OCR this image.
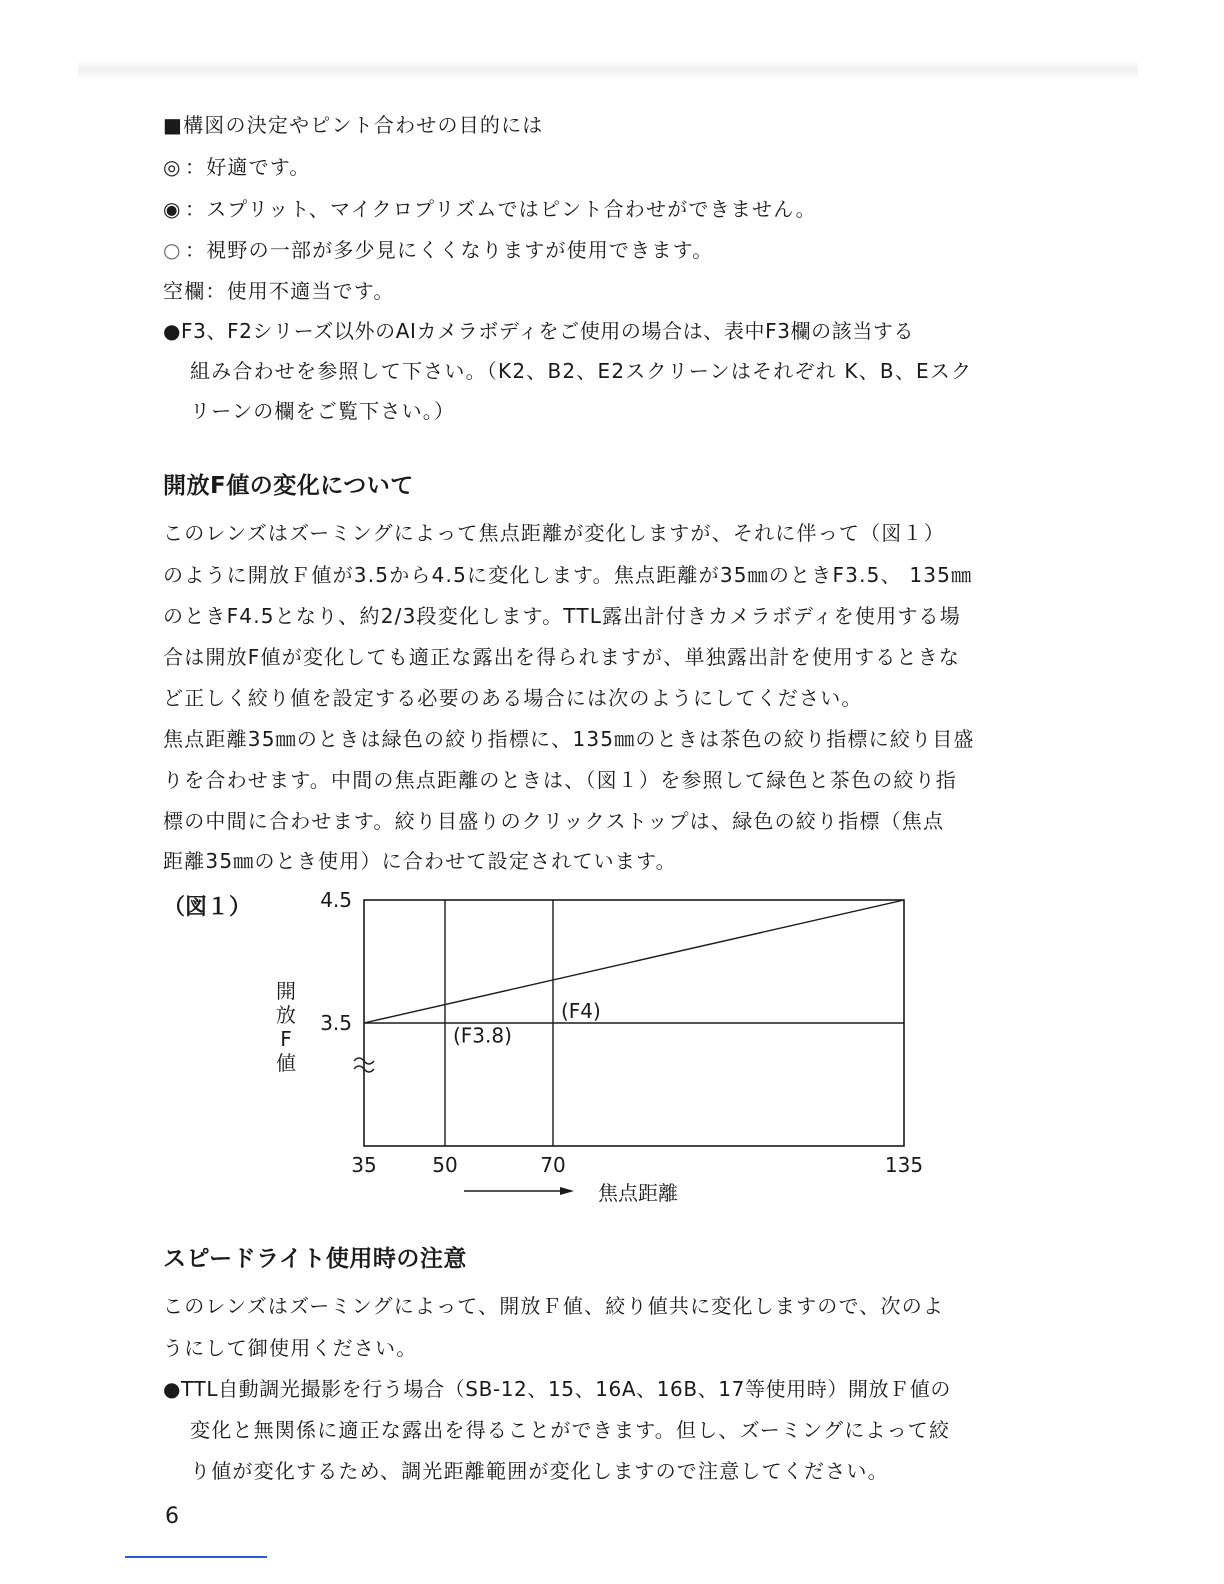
■構図の決定やピント合わせの目的には
◎ ：好適です。
◉ ：スプリット、マイクロプリズムではピント合わせができません。
○ ：視野の一部が多少見にくくなりますが使用できます。
空欄：使用不適当です。
●F3、F2シリーズ以外のAIカメラボディをご使用の場合は、表中F3欄の該当する
組み合わせを参照して下さい。（K2、B2、E2スクリーンはそれぞれ K、B、Eスク
リーンの欄をご覧下さい。）
開放F値の変化について
このレンズはズーミングによって焦点距離が変化しますが、それに伴って（図１）
のように開放Ｆ値が3.5から4.5に変化します。焦点距離が35㎜のときF3.5、 135㎜
のときF4.5となり、約2/3段変化します。TTL露出計付きカメラボディを使用する場
合は開放F値が変化しても適正な露出を得られますが、単独露出計を使用するときな
ど正しく絞り値を設定する必要のある場合には次のようにしてください。
焦点距離35㎜のときは緑色の絞り指標に、135㎜のときは茶色の絞り指標に絞り目盛
りを合わせます。中間の焦点距離のときは、（図１）を参照して緑色と茶色の絞り指
標の中間に合わせます。絞り目盛りのクリックストップは、緑色の絞り指標（焦点
距離35㎜のとき使用）に合わせて設定されています。
（図１）
35	50	70	135
4.5
3.5
(F3.8)
(F4)
開放 F 値
焦点距離
スピードライト使用時の注意
このレンズはズーミングによって、開放Ｆ値、絞り値共に変化しますので、次のよ
うにして御使用ください。
●TTL自動調光撮影を行う場合（SB-12、15、16A、16B、17等使用時）開放Ｆ値の
変化と無関係に適正な露出を得ることができます。但し、ズーミングによって絞
り値が変化するため、調光距離範囲が変化しますので注意してください。
6
